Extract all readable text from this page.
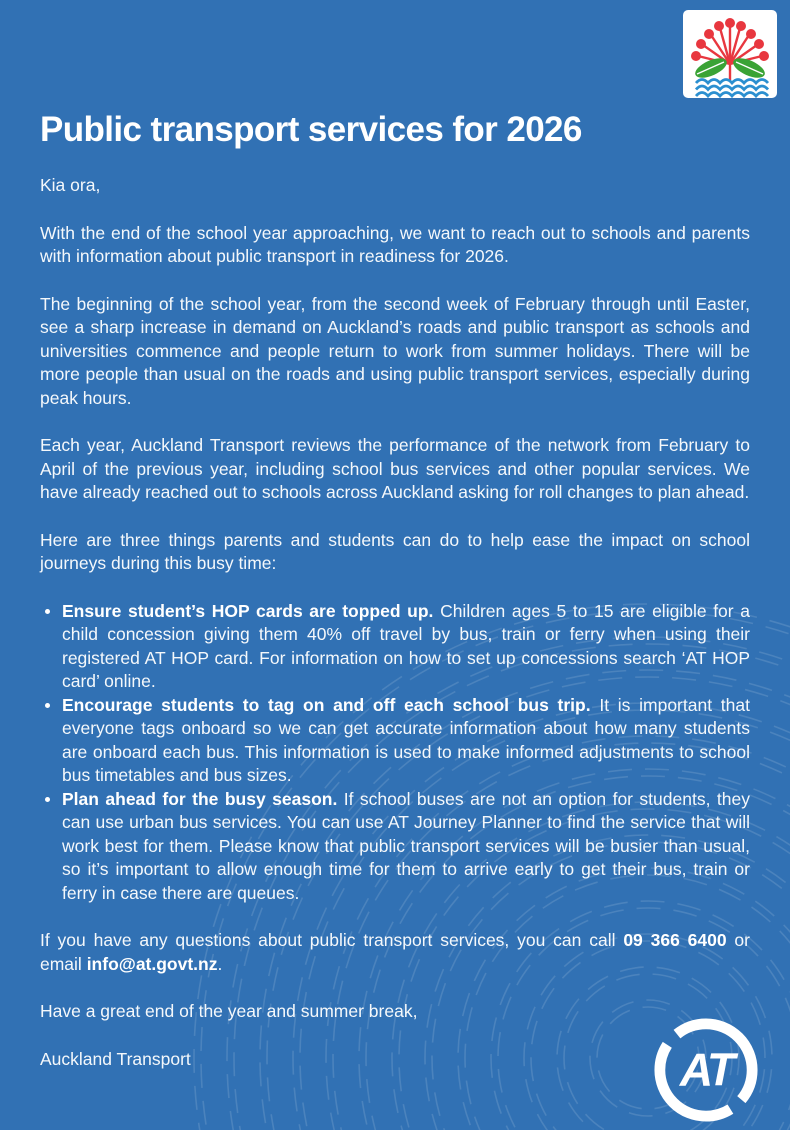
Public transport services for 2026

Kia ora,

With the end of the school year approaching, we want to reach out to schools and parents with information about public transport in readiness for 2026.

The beginning of the school year, from the second week of February through until Easter, see a sharp increase in demand on Auckland’s roads and public transport as schools and universities commence and people return to work from summer holidays. There will be more people than usual on the roads and using public transport services, especially during peak hours.

Each year, Auckland Transport reviews the performance of the network from February to April of the previous year, including school bus services and other popular services. We have already reached out to schools across Auckland asking for roll changes to plan ahead.

Here are three things parents and students can do to help ease the impact on school journeys during this busy time:

Ensure student’s HOP cards are topped up. Children ages 5 to 15 are eligible for a child concession giving them 40% off travel by bus, train or ferry when using their registered AT HOP card. For information on how to set up concessions search ‘AT HOP card’ online.
Encourage students to tag on and off each school bus trip. It is important that everyone tags onboard so we can get accurate information about how many students are onboard each bus. This information is used to make informed adjustments to school bus timetables and bus sizes.
Plan ahead for the busy season. If school buses are not an option for students, they can use urban bus services. You can use AT Journey Planner to find the service that will work best for them. Please know that public transport services will be busier than usual, so it’s important to allow enough time for them to arrive early to get their bus, train or ferry in case there are queues.

If you have any questions about public transport services, you can call 09 366 6400 or email info@at.govt.nz.

Have a great end of the year and summer break,

Auckland Transport	AT
